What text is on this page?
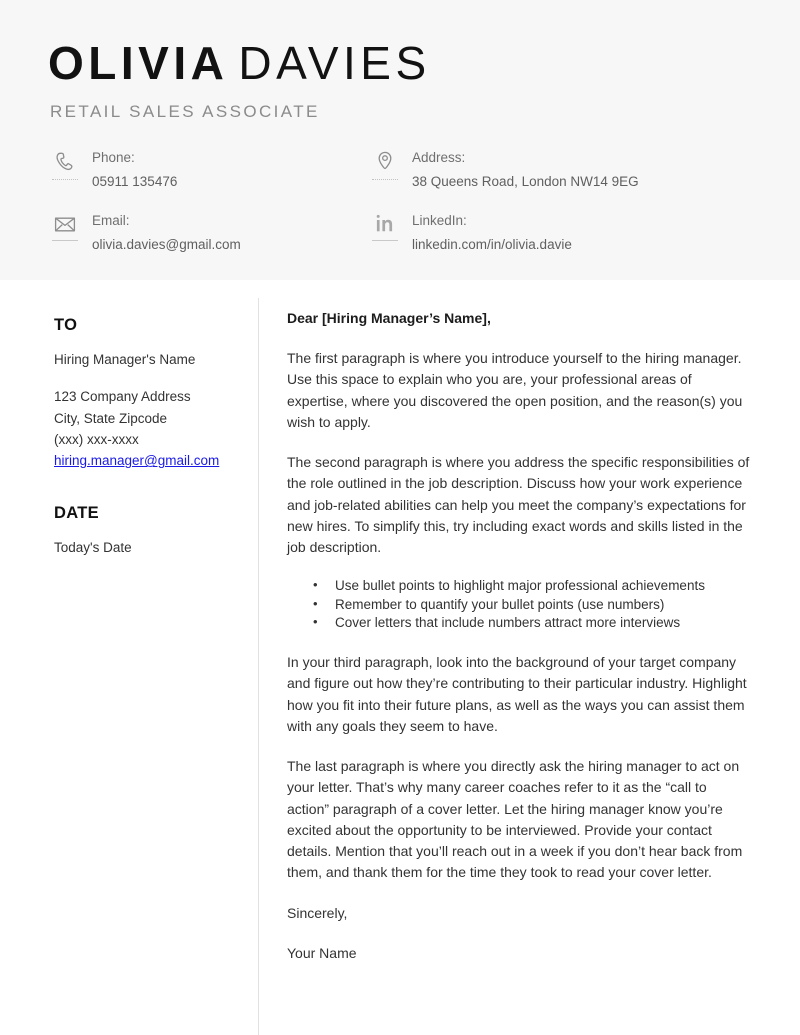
OLIVIA DAVIES
RETAIL SALES ASSOCIATE
Phone:
05911 135476
Address:
38 Queens Road, London NW14 9EG
Email:
olivia.davies@gmail.com
LinkedIn:
linkedin.com/in/olivia.davie
TO
Hiring Manager's Name
123 Company Address
City, State Zipcode
(xxx) xxx-xxxx
hiring.manager@gmail.com
DATE
Today's Date

Dear [Hiring Manager’s Name],

The first paragraph is where you introduce yourself to the hiring manager. Use this space to explain who you are, your professional areas of expertise, where you discovered the open position, and the reason(s) you wish to apply.

The second paragraph is where you address the specific responsibilities of the role outlined in the job description. Discuss how your work experience and job-related abilities can help you meet the company’s expectations for new hires. To simplify this, try including exact words and skills listed in the job description.

• Use bullet points to highlight major professional achievements
• Remember to quantify your bullet points (use numbers)
• Cover letters that include numbers attract more interviews

In your third paragraph, look into the background of your target company and figure out how they’re contributing to their particular industry. Highlight how you fit into their future plans, as well as the ways you can assist them with any goals they seem to have.

The last paragraph is where you directly ask the hiring manager to act on your letter. That’s why many career coaches refer to it as the “call to action” paragraph of a cover letter. Let the hiring manager know you’re excited about the opportunity to be interviewed. Provide your contact details. Mention that you’ll reach out in a week if you don’t hear back from them, and thank them for the time they took to read your cover letter.

Sincerely,

Your Name
